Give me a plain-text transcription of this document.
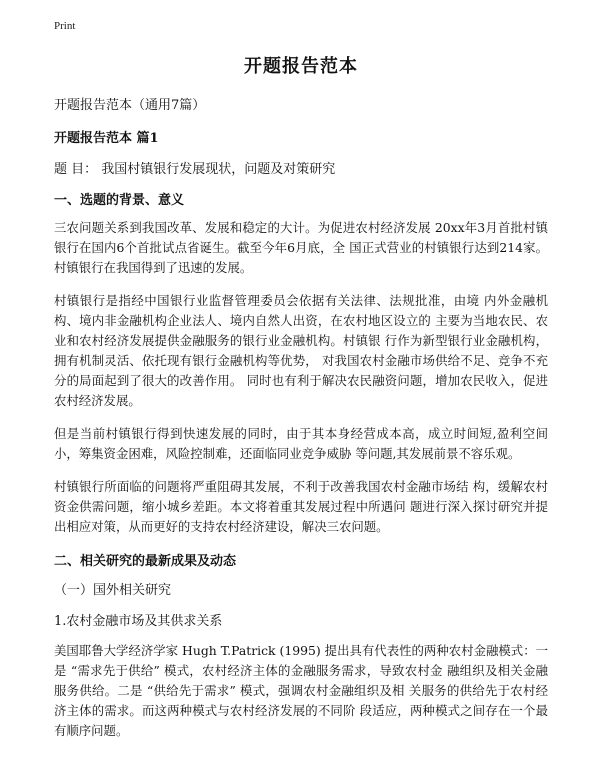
Print
开题报告范本
开题报告范本（通用7篇）
开题报告范本 篇1
题 目： 我国村镇银行发展现状，问题及对策研究
一、选题的背景、意义

三农问题关系到我国改革、发展和稳定的大计。为促进农村经济发展 20xx年3月首批村镇银行在国内6个首批试点省诞生。截至今年6月底，全 国正式营业的村镇银行达到214家。村镇银行在我国得到了迅速的发展。

村镇银行是指经中国银行业监督管理委员会依据有关法律、法规批准，由境 内外金融机构、境内非金融机构企业法人、境内自然人出资，在农村地区设立的 主要为当地农民、农业和农村经济发展提供金融服务的银行业金融机构。村镇银 行作为新型银行业金融机构，拥有机制灵活、依托现有银行金融机构等优势， 对我国农村金融市场供给不足、竞争不充分的局面起到了很大的改善作用。 同时也有利于解决农民融资问题，增加农民收入，促进农村经济发展。

但是当前村镇银行得到快速发展的同时，由于其本身经营成本高，成立时间短,盈利空间小，筹集资金困难，风险控制难，还面临同业竞争威胁 等问题,其发展前景不容乐观。

村镇银行所面临的问题将严重阻碍其发展，不利于改善我国农村金融市场结 构，缓解农村资金供需问题，缩小城乡差距。本文将着重其发展过程中所遇问 题进行深入探讨研究并提出相应对策，从而更好的支持农村经济建设，解决三农问题。

二、相关研究的最新成果及动态
（一）国外相关研究
1.农村金融市场及其供求关系

美国耶鲁大学经济学家 Hugh T.Patrick (1995) 提出具有代表性的两种农村金融模式：一是 “需求先于供给” 模式，农村经济主体的金融服务需求，导致农村金 融组织及相关金融服务供给。二是 “供给先于需求” 模式，强调农村金融组织及相 关服务的供给先于农村经济主体的需求。而这两种模式与农村经济发展的不同阶 段适应，两种模式之间存在一个最有顺序问题。
